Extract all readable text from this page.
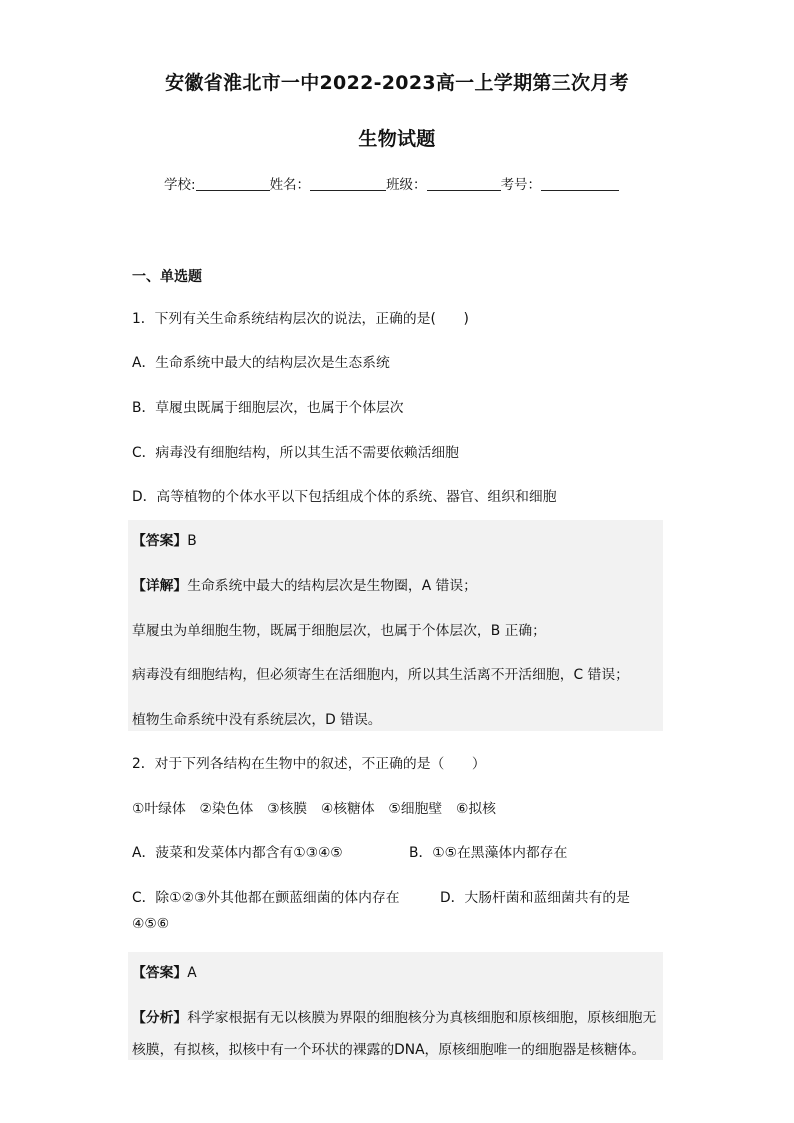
安徽省淮北市一中2022-2023高一上学期第三次月考
生物试题
学校:	姓名：	班级：	考号：
一、单选题
1．下列有关生命系统结构层次的说法，正确的是(　　)
A．生命系统中最大的结构层次是生态系统
B．草履虫既属于细胞层次，也属于个体层次
C．病毒没有细胞结构，所以其生活不需要依赖活细胞
D．高等植物的个体水平以下包括组成个体的系统、器官、组织和细胞
【答案】B
【详解】生命系统中最大的结构层次是生物圈，A 错误；
草履虫为单细胞生物，既属于细胞层次，也属于个体层次，B 正确；
病毒没有细胞结构，但必须寄生在活细胞内，所以其生活离不开活细胞，C 错误；
植物生命系统中没有系统层次，D 错误。
2．对于下列各结构在生物中的叙述，不正确的是（　　）
①叶绿体　②染色体　③核膜　④核糖体　⑤细胞壁　⑥拟核
A．菠菜和发菜体内都含有①③④⑤	B．①⑤在黑藻体内都存在
C．除①②③外其他都在颤蓝细菌的体内存在	D．大肠杆菌和蓝细菌共有的是
④⑤⑥
【答案】A
【分析】科学家根据有无以核膜为界限的细胞核分为真核细胞和原核细胞，原核细胞无
核膜，有拟核，拟核中有一个环状的裸露的DNA，原核细胞唯一的细胞器是核糖体。
